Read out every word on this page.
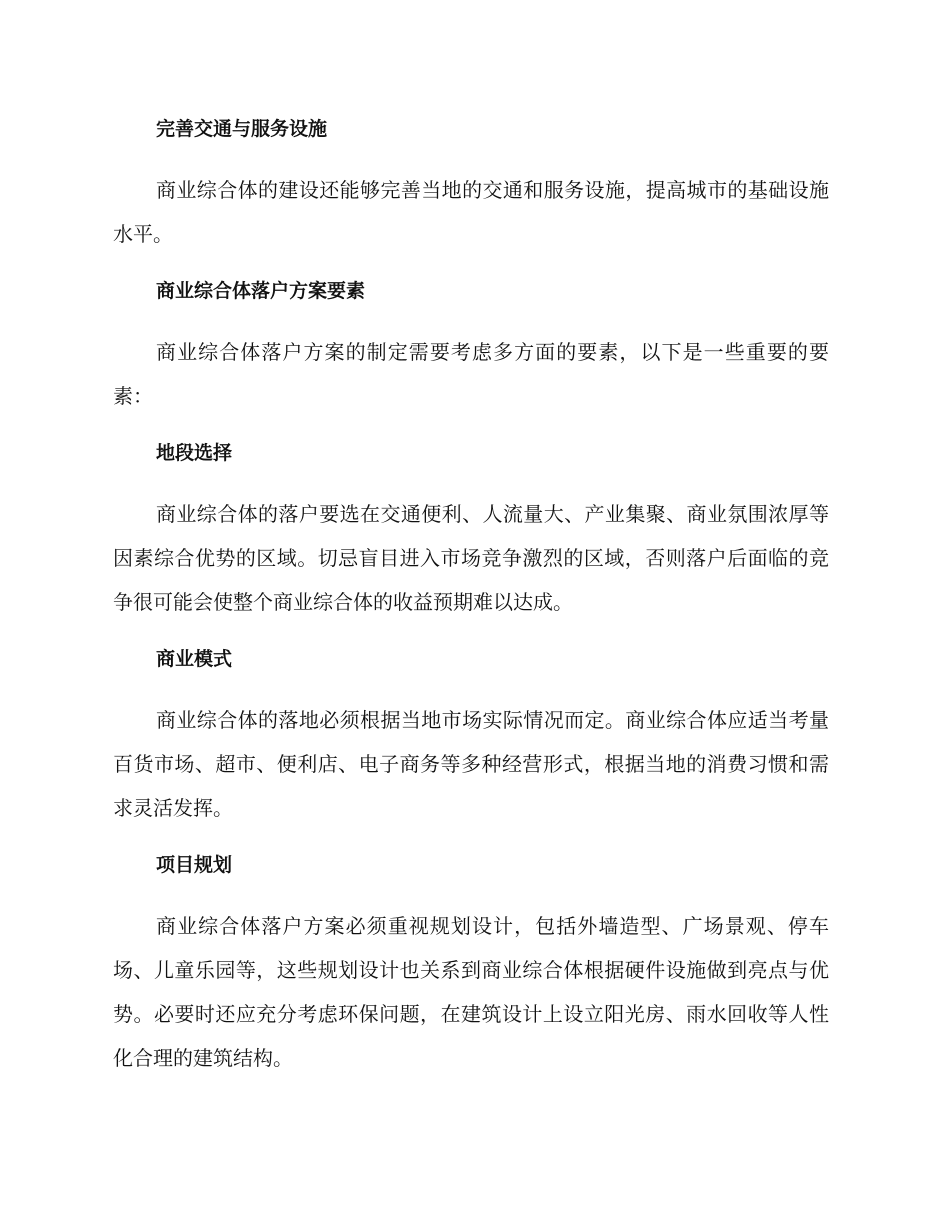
完善交通与服务设施

商业综合体的建设还能够完善当地的交通和服务设施，提高城市的基础设施水平。

商业综合体落户方案要素

商业综合体落户方案的制定需要考虑多方面的要素，以下是一些重要的要素：

地段选择

商业综合体的落户要选在交通便利、人流量大、产业集聚、商业氛围浓厚等因素综合优势的区域。切忌盲目进入市场竞争激烈的区域，否则落户后面临的竞争很可能会使整个商业综合体的收益预期难以达成。

商业模式

商业综合体的落地必须根据当地市场实际情况而定。商业综合体应适当考量百货市场、超市、便利店、电子商务等多种经营形式，根据当地的消费习惯和需求灵活发挥。

项目规划

商业综合体落户方案必须重视规划设计，包括外墙造型、广场景观、停车场、儿童乐园等，这些规划设计也关系到商业综合体根据硬件设施做到亮点与优势。必要时还应充分考虑环保问题，在建筑设计上设立阳光房、雨水回收等人性化合理的建筑结构。
